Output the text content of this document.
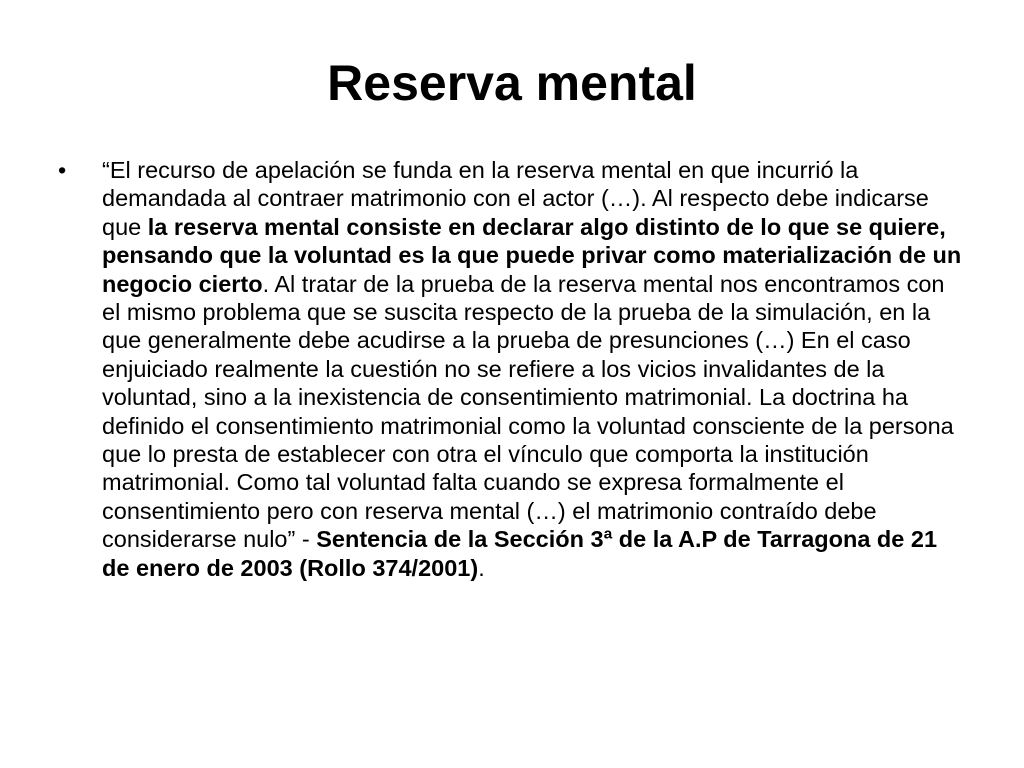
Reserva mental
•	“El recurso de apelación se funda en la reserva mental en que incurrió la demandada al contraer matrimonio con el actor (…). Al respecto debe indicarse que la reserva mental consiste en declarar algo distinto de lo que se quiere, pensando que la voluntad es la que puede privar como materialización de un negocio cierto. Al tratar de la prueba de la reserva mental nos encontramos con el mismo problema que se suscita respecto de la prueba de la simulación, en la que generalmente debe acudirse a la prueba de presunciones (…) En el caso enjuiciado realmente la cuestión no se refiere a los vicios invalidantes de la voluntad, sino a la inexistencia de consentimiento matrimonial. La doctrina ha definido el consentimiento matrimonial como la voluntad consciente de la persona que lo presta de establecer con otra el vínculo que comporta la institución matrimonial. Como tal voluntad falta cuando se expresa formalmente el consentimiento pero con reserva mental (…) el matrimonio contraído debe considerarse nulo” - Sentencia de la Sección 3ª de la A.P de Tarragona de 21 de enero de 2003 (Rollo 374/2001).
